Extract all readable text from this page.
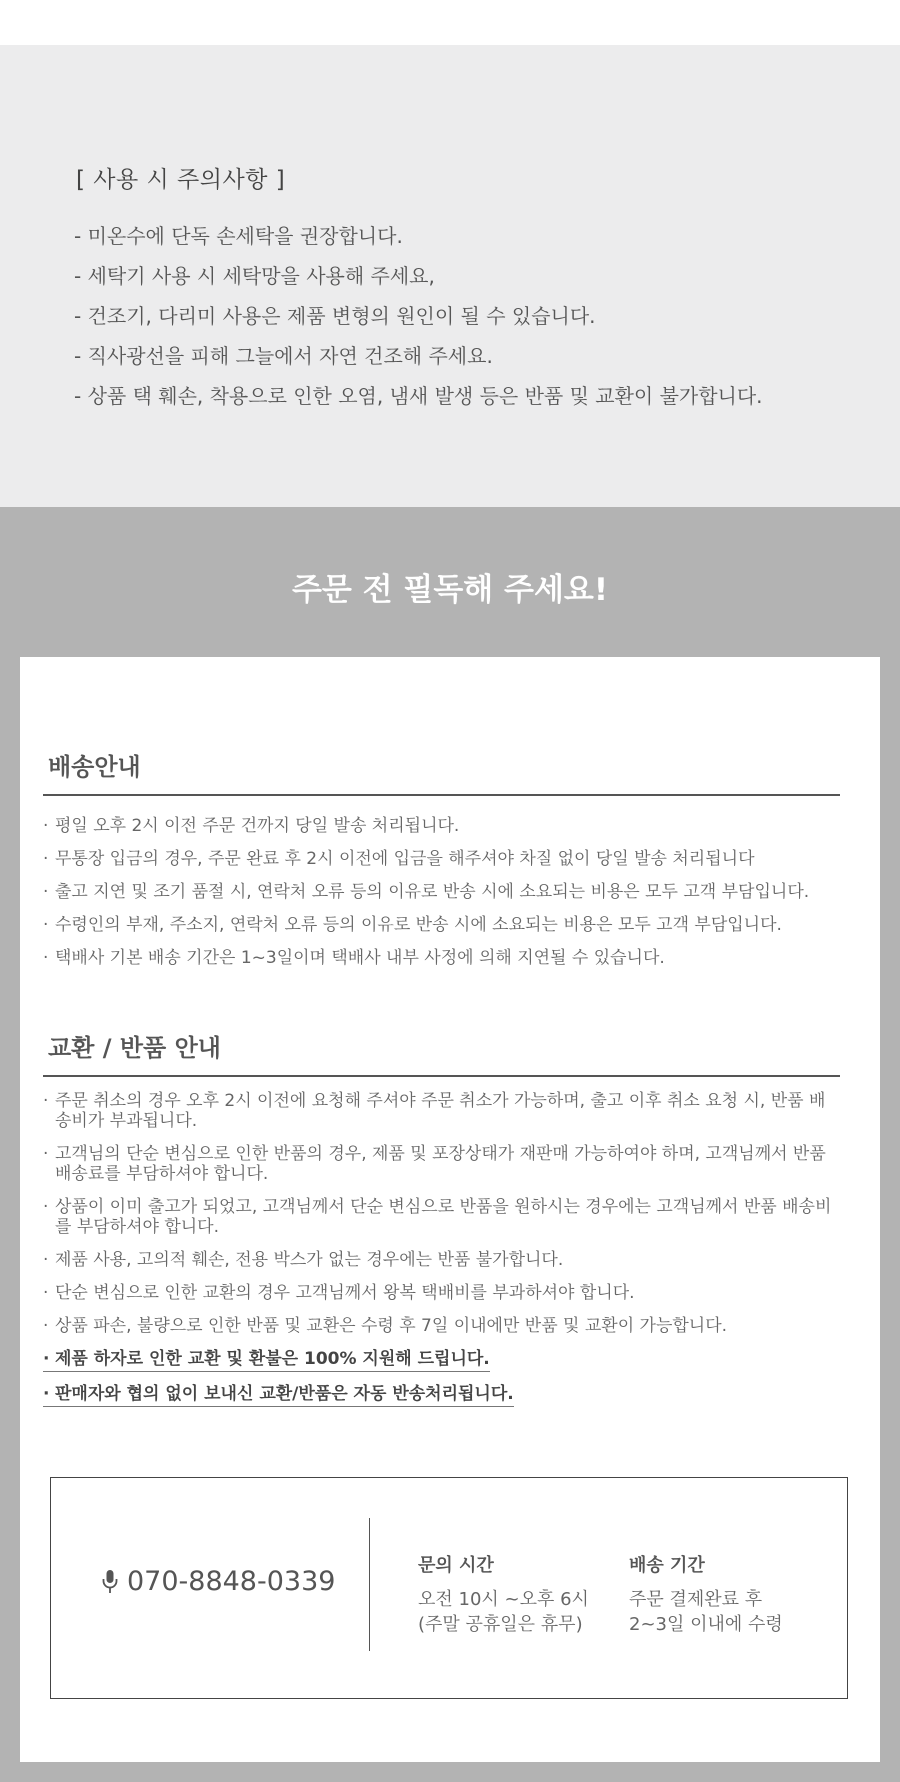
[ 사용 시 주의사항 ]
- 미온수에 단독 손세탁을 권장합니다.
- 세탁기 사용 시 세탁망을 사용해 주세요,
- 건조기, 다리미 사용은 제품 변형의 원인이 될 수 있습니다.
- 직사광선을 피해 그늘에서 자연 건조해 주세요.
- 상품 택 훼손, 착용으로 인한 오염, 냄새 발생 등은 반품 및 교환이 불가합니다.
주문 전 필독해 주세요!
배송안내
· 평일 오후 2시 이전 주문 건까지 당일 발송 처리됩니다.
· 무통장 입금의 경우, 주문 완료 후 2시 이전에 입금을 해주셔야 차질 없이 당일 발송 처리됩니다
· 출고 지연 및 조기 품절 시, 연락처 오류 등의 이유로 반송 시에 소요되는 비용은 모두 고객 부담입니다.
· 수령인의 부재, 주소지, 연락처 오류 등의 이유로 반송 시에 소요되는 비용은 모두 고객 부담입니다.
· 택배사 기본 배송 기간은 1~3일이며 택배사 내부 사정에 의해 지연될 수 있습니다.
교환 / 반품 안내
· 주문 취소의 경우 오후 2시 이전에 요청해 주셔야 주문 취소가 가능하며, 출고 이후 취소 요청 시, 반품 배송비가 부과됩니다.
· 고객님의 단순 변심으로 인한 반품의 경우, 제품 및 포장상태가 재판매 가능하여야 하며, 고객님께서 반품 배송료를 부담하셔야 합니다.
· 상품이 이미 출고가 되었고, 고객님께서 단순 변심으로 반품을 원하시는 경우에는 고객님께서 반품 배송비를 부담하셔야 합니다.
· 제품 사용, 고의적 훼손, 전용 박스가 없는 경우에는 반품 불가합니다.
· 단순 변심으로 인한 교환의 경우 고객님께서 왕복 택배비를 부과하셔야 합니다.
· 상품 파손, 불량으로 인한 반품 및 교환은 수령 후 7일 이내에만 반품 및 교환이 가능합니다.
· 제품 하자로 인한 교환 및 환불은 100% 지원해 드립니다.
· 판매자와 협의 없이 보내신 교환/반품은 자동 반송처리됩니다.
070-8848-0339
문의 시간
오전 10시 ~오후 6시
(주말 공휴일은 휴무)
배송 기간
주문 결제완료 후
2~3일 이내에 수령
